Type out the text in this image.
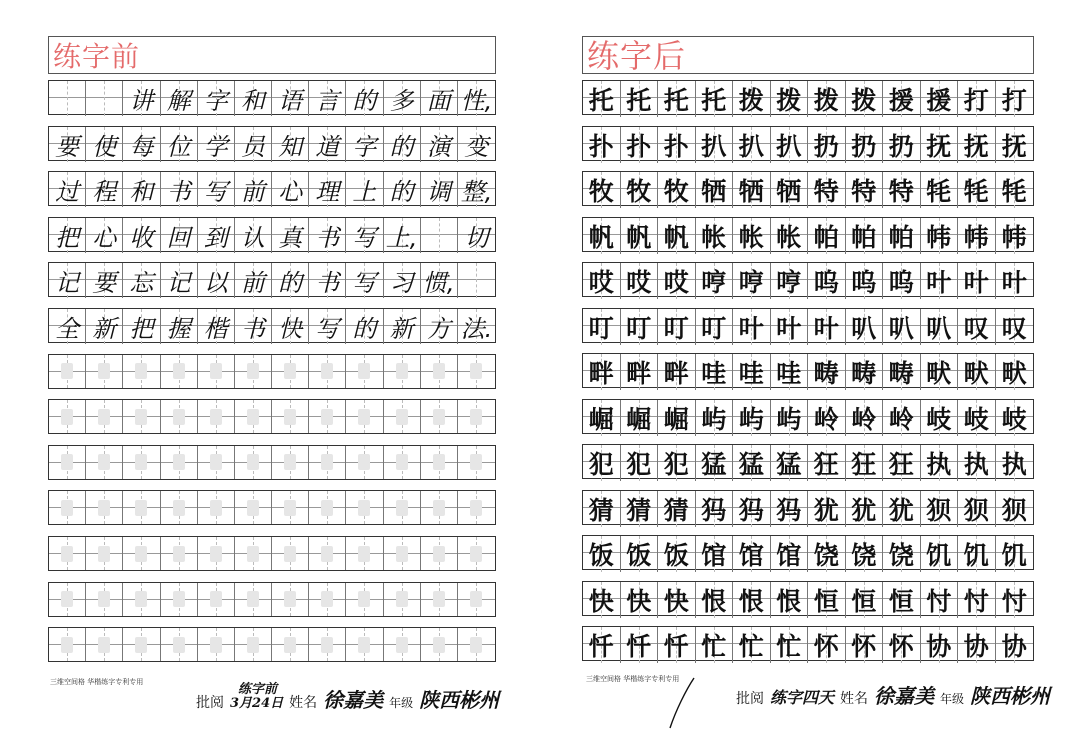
练字前
讲 解 字 和 语 言 的 多 面 性,
要 使 每 位 学 员 知 道 字 的 演 变
过 程 和 书 写 前 心 理 上 的 调 整,
把 心 收 回 到 认 真 书 写 上, 切
记 要 忘 记 以 前 的 书 写 习 惯,
全 新 把 握 楷 书 快 写 的 新 方 法.
练字后
托 托 托 托 拨 拨 拨 拨 援 援 打 打
扑 扑 扑 扒 扒 扒 扔 扔 扔 抚 抚 抚
牧 牧 牧 牺 牺 牺 特 特 特 牦 牦 牦
帆 帆 帆 帐 帐 帐 帕 帕 帕 帏 帏 帏
哎 哎 哎 哼 哼 哼 呜 呜 呜 叶 叶 叶
叮 叮 叮 叮 叶 叶 叶 叭 叭 叭 叹 叹
畔 畔 畔 哇 哇 哇 畴 畴 畴 畎 畎 畎
崛 崛 崛 屿 屿 屿 岭 岭 岭 岐 岐 岐
犯 犯 犯 猛 猛 猛 狂 狂 狂 执 执 执
猜 猜 猜 犸 犸 犸 犹 犹 犹 狈 狈 狈
饭 饭 饭 馆 馆 馆 饶 饶 饶 饥 饥 饥
快 快 快 恨 恨 恨 恒 恒 恒 忖 忖 忖
忏 忏 忏 忙 忙 忙 怀 怀 怀 协 协 协
三维空间格 华楷练字专利专用
批阅
练字前
3月24日 姓名 徐嘉美 年级 陕西彬州
三维空间格 华楷练字专利专用
批阅 练字四天 姓名 徐嘉美 年级 陕西彬州
